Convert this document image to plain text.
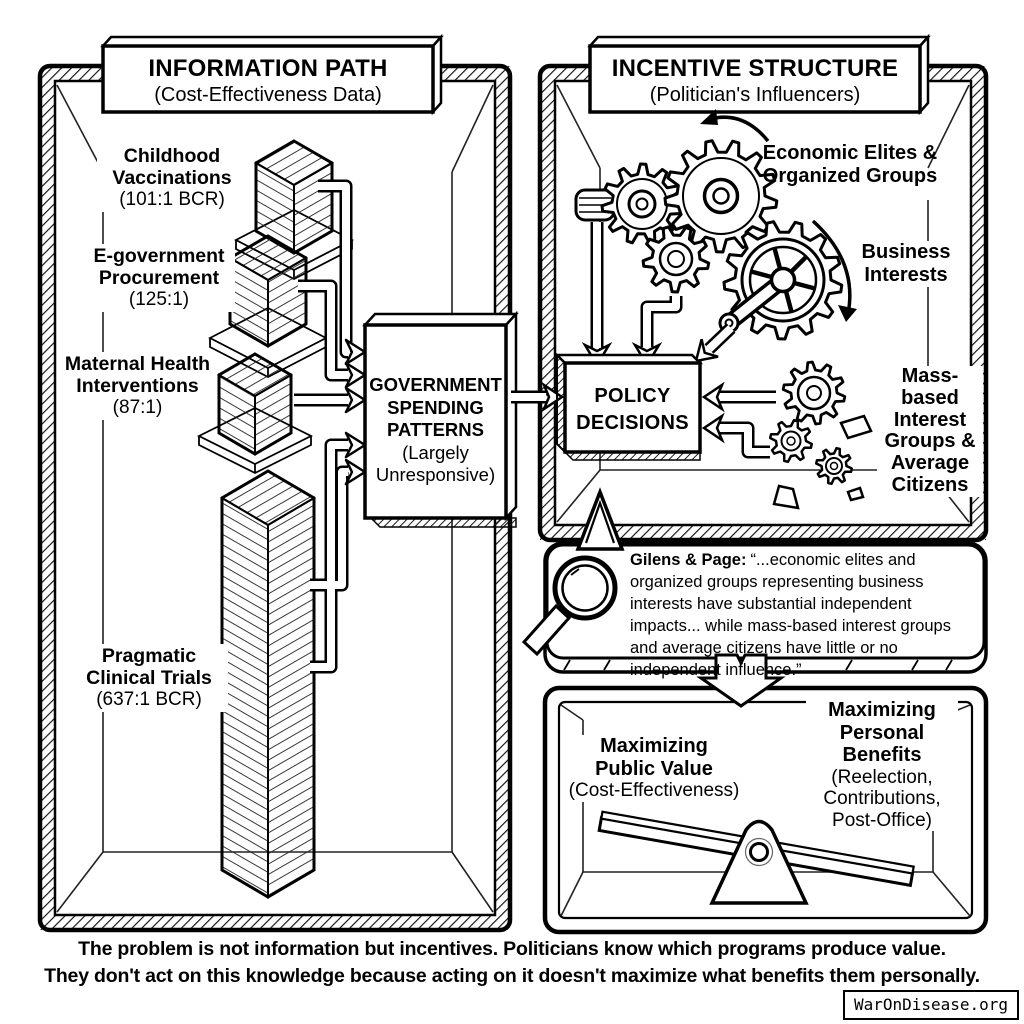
INFORMATION PATH
(Cost-Effectiveness Data)
INCENTIVE STRUCTURE
(Politician's Influencers)
Childhood Vaccinations
(101:1 BCR)
E-government Procurement
(125:1)
Maternal Health Interventions
(87:1)
Pragmatic Clinical Trials
(637:1 BCR)
GOVERNMENT SPENDING PATTERNS
(Largely Unresponsive)
Economic Elites & Organized Groups
Business Interests
Mass-based Interest Groups & Average Citizens
POLICY
DECISIONS
Gilens & Page: “...economic elites and organized groups representing business interests have substantial independent impacts... while mass-based interest groups and average citizens have little or no independent influence.”
Maximizing Public Value
(Cost-Effectiveness)
Maximizing Personal Benefits
(Reelection, Contributions, Post-Office)
The problem is not information but incentives. Politicians know which programs produce value.
They don't act on this knowledge because acting on it doesn't maximize what benefits them personally.
WarOnDisease.org
